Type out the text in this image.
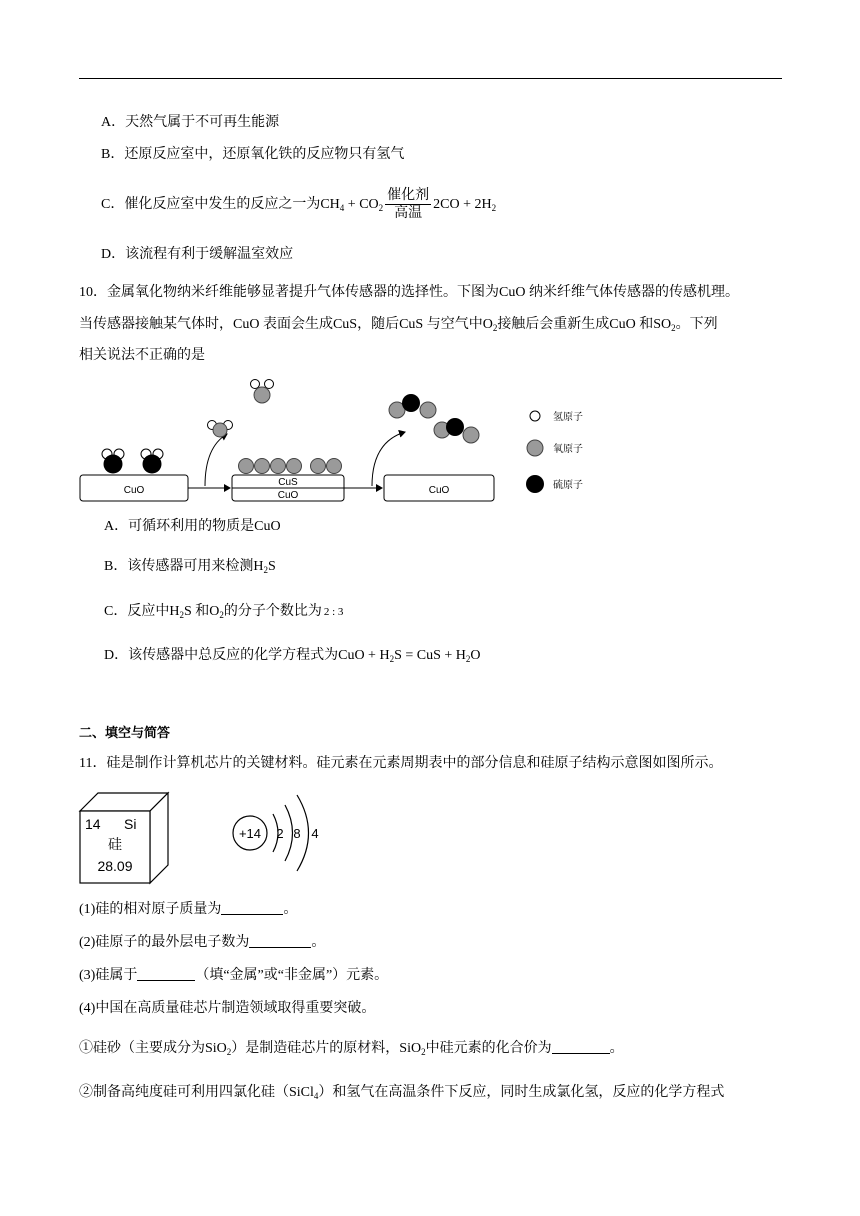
A．天然气属于不可再生能源
B．还原反应室中，还原氧化铁的反应物只有氢气
C．催化反应室中发生的反应之一为$CH_4 + CO_2 \frac{\text{催化剂}}{\text{高温}} 2CO + 2H_2$
D．该流程有利于缓解温室效应
10．金属氧化物纳米纤维能够显著提升气体传感器的选择性。下图为CuO 纳米纤维气体传感器的传感机理。
当传感器接触某气体时，CuO 表面会生成CuS，随后CuS 与空气中$O_2$接触后会重新生成CuO 和$SO_2$。下列
相关说法不正确的是
CuO
CuS
CuO	CuO
氢原子
氧原子
硫原子
A．可循环利用的物质是CuO
B．该传感器可用来检测$H_2S$
C．反应中$H_2S$ 和$O_2$的分子个数比为 2 : 3
D．该传感器中总反应的化学方程式为CuO + $H_2S$ = CuS + $H_2O$
二、填空与简答
11．硅是制作计算机芯片的关键材料。硅元素在元素周期表中的部分信息和硅原子结构示意图如图所示。
14 Si
硅
28.09
+14 2 8 4
(1)硅的相对原子质量为	。
(2)硅原子的最外层电子数为	。
(3)硅属于	（填“金属”或“非金属”）元素。
(4)中国在高质量硅芯片制造领域取得重要突破。
①硅砂（主要成分为SiO$_2$）是制造硅芯片的原材料，SiO$_2$中硅元素的化合价为	。
②制备高纯度硅可利用四氯化硅（SiCl$_4$）和氢气在高温条件下反应，同时生成氯化氢，反应的化学方程式
